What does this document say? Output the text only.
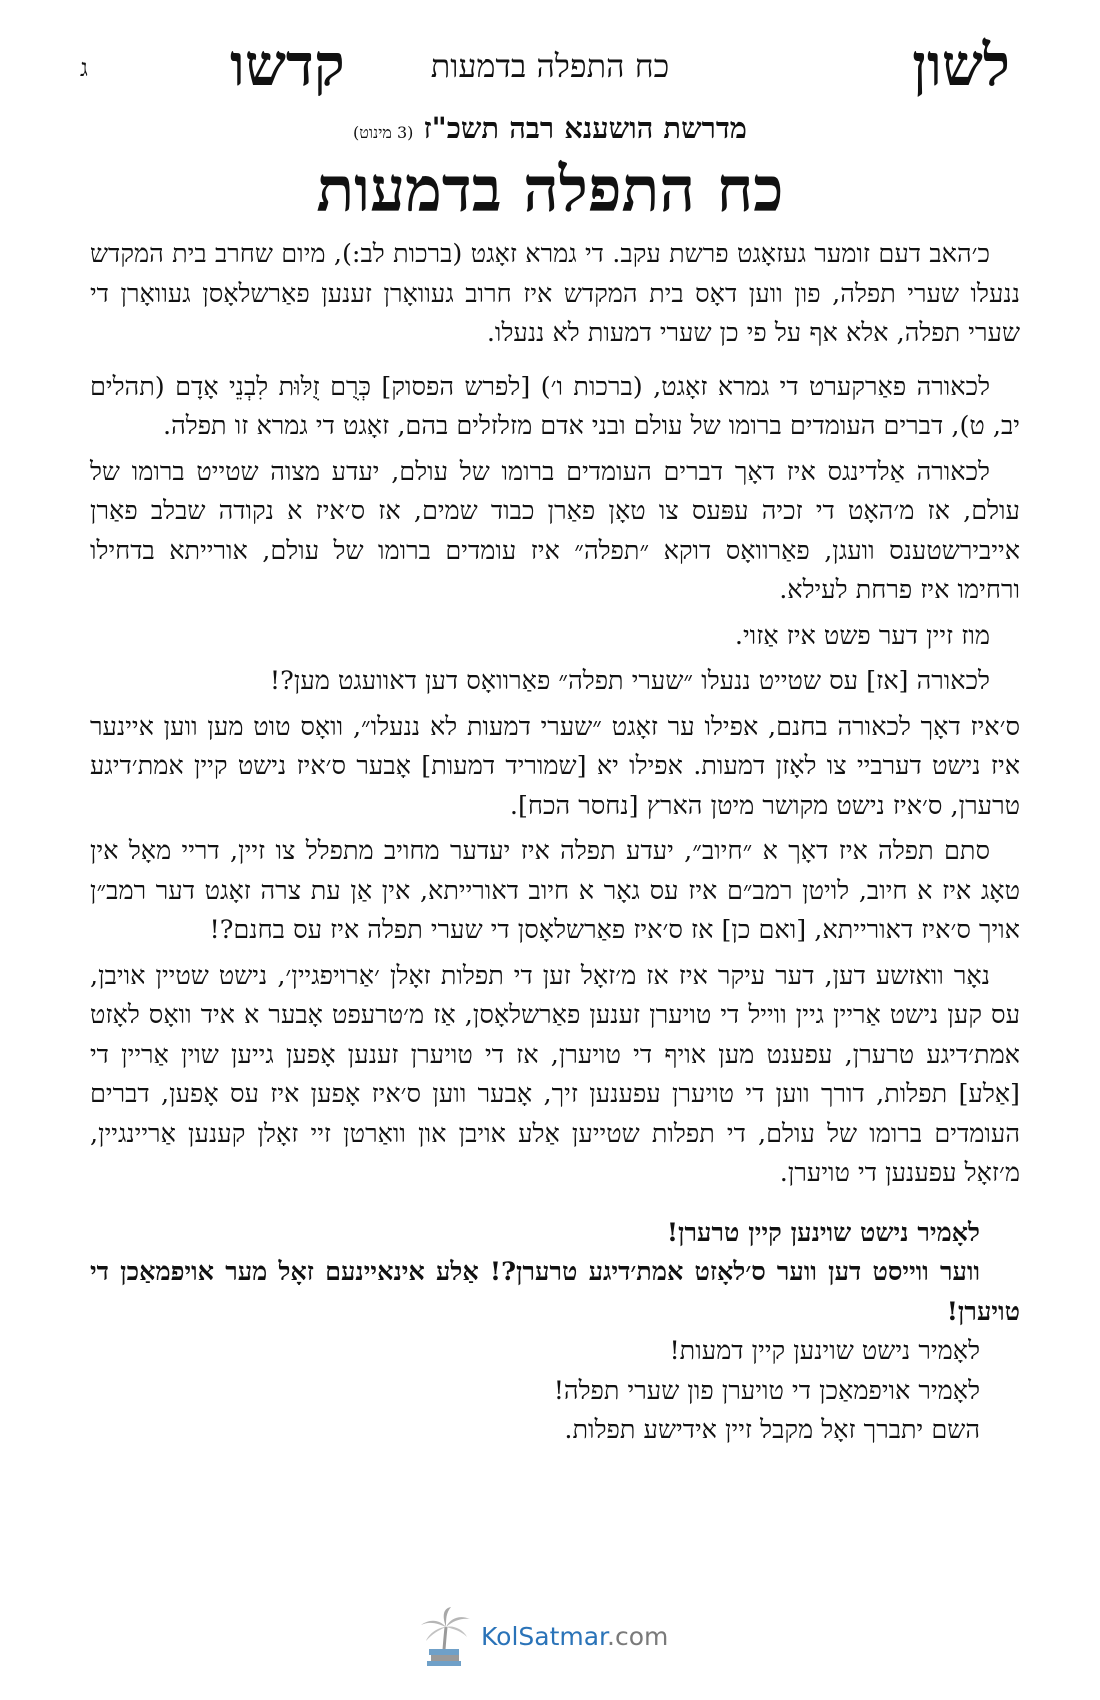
לשון
כח התפלה בדמעות
קדשו
ג
מדרשת הושענא רבה תשכ"ז (3 מינוט)
כח התפלה בדמעות

כ׳האב דעם זומער געזאָגט פרשת עקב. די גמרא זאָגט (ברכות לב:), מיום שחרב בית המקדש ננעלו שערי תפלה, פון ווען דאָס בית המקדש איז חרוב געוואָרן זענען פאַרשלאָסן געוואָרן די שערי תפלה, אלא אף על פי כן שערי דמעות לא ננעלו.

לכאורה פאַרקערט די גמרא זאָגט, (ברכות ו׳) [לפרש הפסוק] כְּרֻם זֻלּוּת לִבְנֵי אָדָם (תהלים יב, ט), דברים העומדים ברומו של עולם ובני אדם מזלזלים בהם, זאָגט די גמרא זו תפלה.

לכאורה אַלדינגס איז דאָך דברים העומדים ברומו של עולם, יעדע מצוה שטייט ברומו של עולם, אז מ׳האָט די זכיה עפּעס צו טאָן פאַרן כבוד שמים, אז ס׳איז א נקודה שבלב פאַרן אייבירשטענס וועגן, פאַרוואָס דוקא ״תפלה״ איז עומדים ברומו של עולם, אורייתא בדחילו ורחימו איז פרחת לעילא.

מוז זיין דער פשט איז אַזוי.

לכאורה [אז] עס שטייט ננעלו ״שערי תפלה״ פאַרוואָס דען דאוועגט מען?!

ס׳איז דאָך לכאורה בחנם, אפילו ער זאָגט ״שערי דמעות לא ננעלו״, וואָס טוט מען ווען איינער איז נישט דערביי צו לאָזן דמעות. אפילו יא [שמוריד דמעות] אָבער ס׳איז נישט קיין אמת׳דיגע טרערן, ס׳איז נישט מקושר מיטן הארץ [נחסר הכח].

סתם תפלה איז דאָך א ״חיוב״, יעדע תפלה איז יעדער מחויב מתפלל צו זיין, דריי מאָל אין טאָג איז א חיוב, לויטן רמב״ם איז עס גאָר א חיוב דאורייתא, אין אַן עת צרה זאָגט דער רמב״ן אויך ס׳איז דאורייתא, [ואם כן] אז ס׳איז פאַרשלאָסן די שערי תפלה איז עס בחנם?!

נאָר וואזשע דען, דער עיקר איז אז מ׳זאָל זען די תפלות זאָלן ׳אַרויפגיין׳, נישט שטיין אויבן, עס קען נישט אַריין גיין ווייל די טויערן זענען פאַרשלאָסן, אַז מ׳טרעפט אָבער א איד וואָס לאָזט אמת׳דיגע טרערן, עפענט מען אויף די טויערן, אז די טויערן זענען אָפען גייען שוין אַריין די [אַלע] תפלות, דורך ווען די טויערן עפענען זיך, אָבער ווען ס׳איז אָפען איז עס אָפען, דברים העומדים ברומו של עולם, די תפלות שטייען אַלע אויבן און וואַרטן זיי זאָלן קענען אַריינגיין, מ׳זאָל עפענען די טויערן.

לאָמיר נישט שוינען קיין טרערן!

ווער ווייסט דען ווער ס׳לאָזט אמת׳דיגע טרערן?! אַלע אינאיינעם זאָל מער אויפמאַכן די טויערן!

לאָמיר נישט שוינען קיין דמעות!

לאָמיר אויפמאַכן די טויערן פון שערי תפלה!

השם יתברך זאָל מקבל זיין אידישע תפלות.

KolSatmar.com
